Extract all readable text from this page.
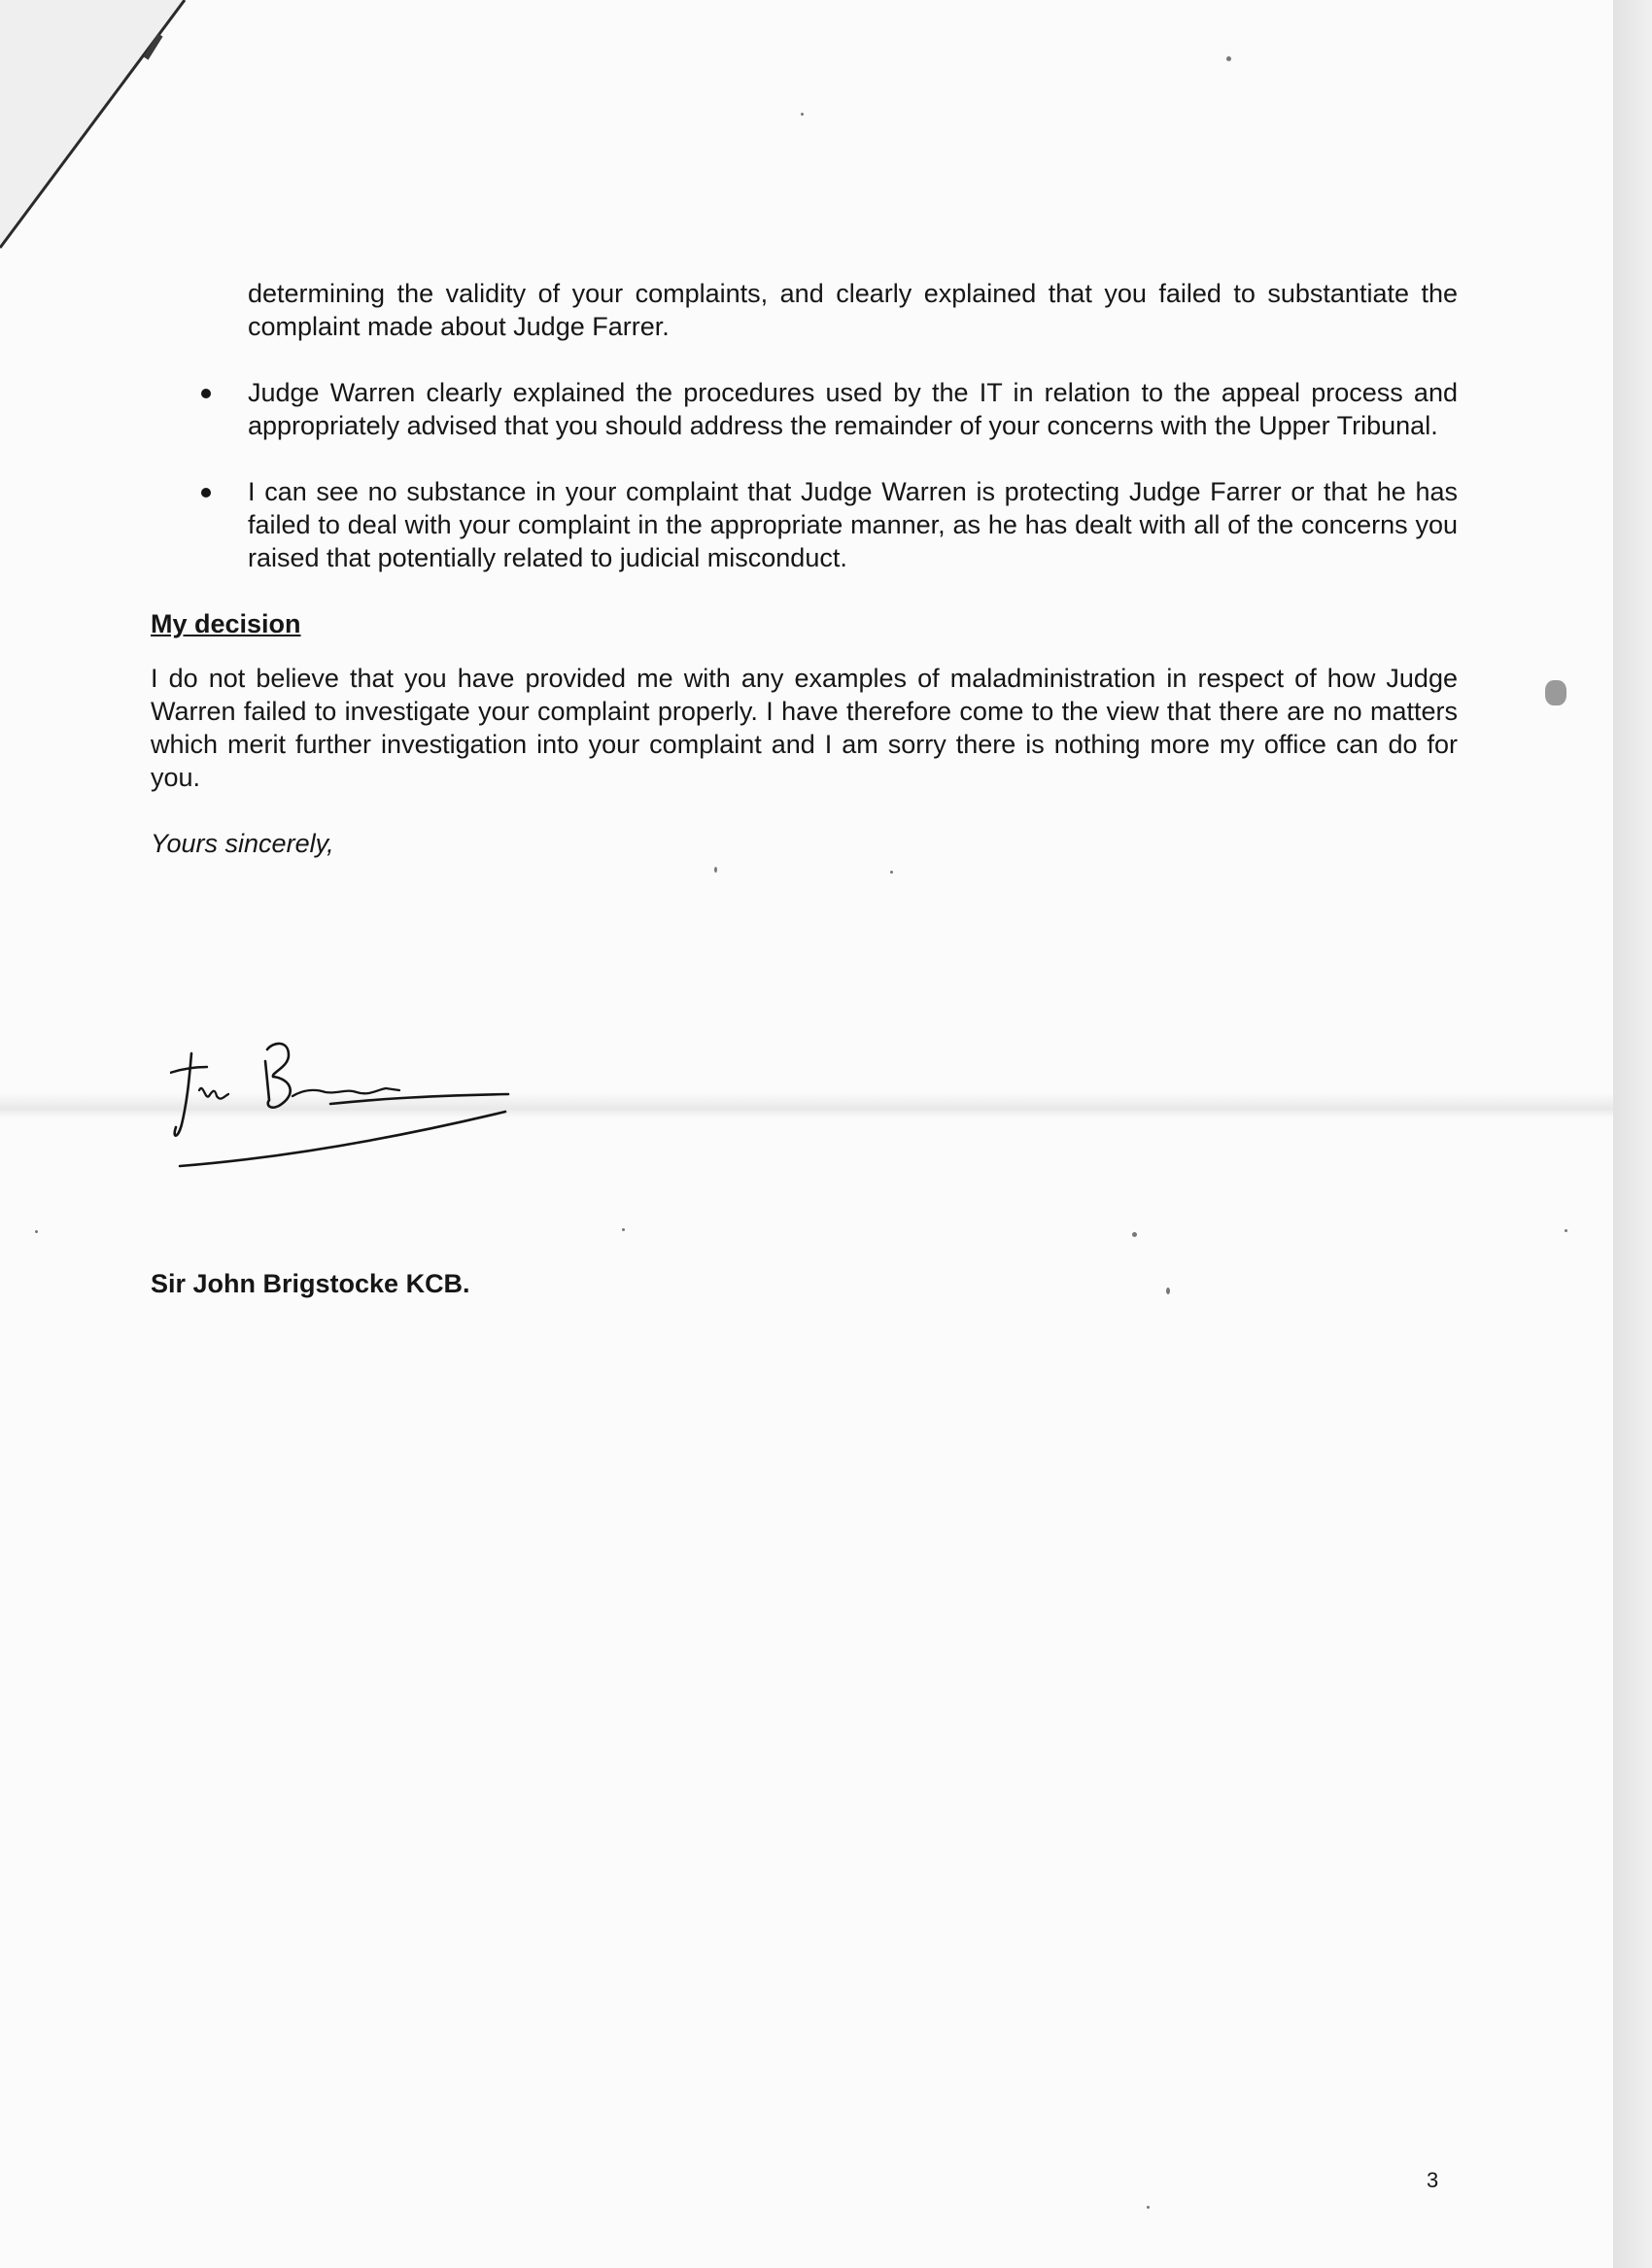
determining the validity of your complaints, and clearly explained that you failed to substantiate the complaint made about Judge Farrer.

Judge Warren clearly explained the procedures used by the IT in relation to the appeal process and appropriately advised that you should address the remainder of your concerns with the Upper Tribunal.
I can see no substance in your complaint that Judge Warren is protecting Judge Farrer or that he has failed to deal with your complaint in the appropriate manner, as he has dealt with all of the concerns you raised that potentially related to judicial misconduct.

My decision

I do not believe that you have provided me with any examples of maladministration in respect of how Judge Warren failed to investigate your complaint properly. I have therefore come to the view that there are no matters which merit further investigation into your complaint and I am sorry there is nothing more my office can do for you.

Yours sincerely,

Sir John Brigstocke KCB.
3
